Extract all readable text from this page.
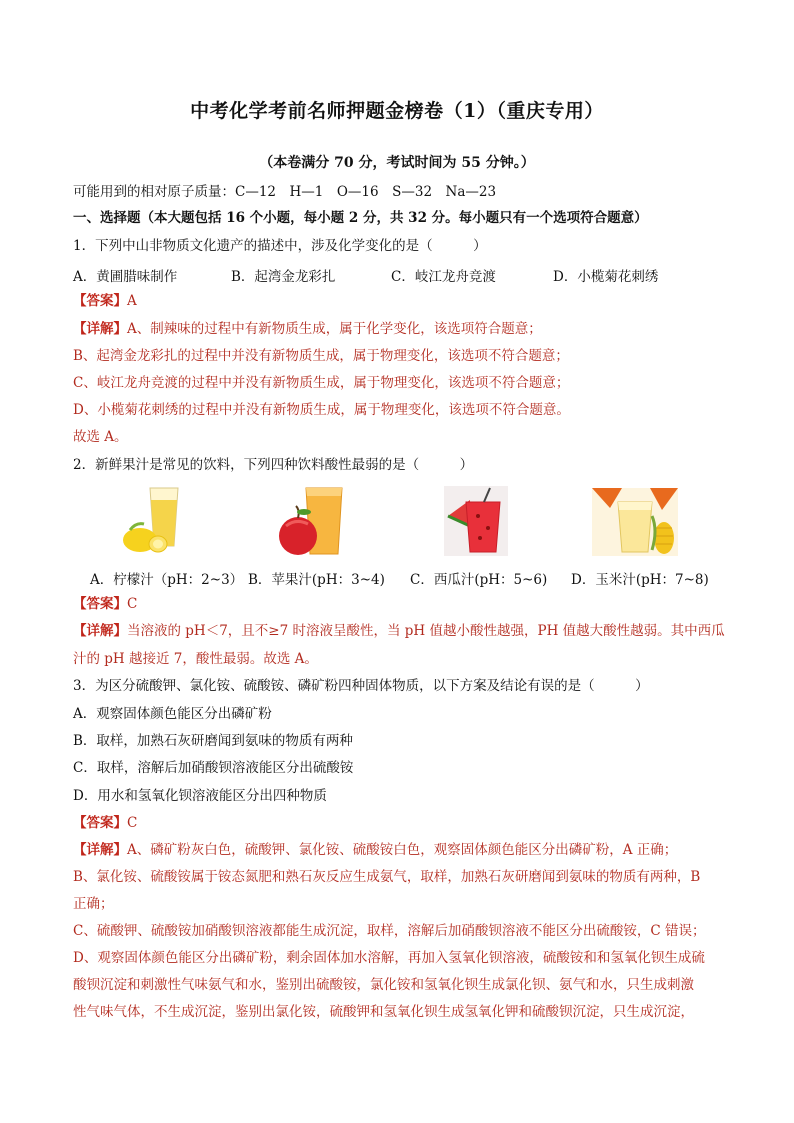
中考化学考前名师押题金榜卷（1）（重庆专用）
（本卷满分 70 分，考试时间为 55 分钟。）
可能用到的相对原子质量：C—12　H—1　O—16　S—32　Na—23
一、选择题（本大题包括 16 个小题，每小题 2 分，共 32 分。每小题只有一个选项符合题意）
1．下列中山非物质文化遗产的描述中，涉及化学变化的是（　　　）
A．黄圃腊味制作	B．起湾金龙彩扎	C．岐江龙舟竞渡	D．小榄菊花刺绣
【答案】A
【详解】A、制辣味的过程中有新物质生成，属于化学变化，该选项符合题意；
B、起湾金龙彩扎的过程中并没有新物质生成，属于物理变化，该选项不符合题意；
C、岐江龙舟竞渡的过程中并没有新物质生成，属于物理变化，该选项不符合题意；
D、小榄菊花刺绣的过程中并没有新物质生成，属于物理变化，该选项不符合题意。
故选 A。
2．新鲜果汁是常见的饮料，下列四种饮料酸性最弱的是（　　　）
A．柠檬汁（pH：2~3） B．苹果汁(pH：3~4) C．西瓜汁(pH：5~6) D．玉米汁(pH：7~8)
【答案】C
【详解】当溶液的 pH＜7，且不≥7 时溶液呈酸性，当 pH 值越小酸性越强，PH 值越大酸性越弱。其中西瓜
汁的 pH 越接近 7，酸性最弱。故选 A。
3．为区分硫酸钾、氯化铵、硫酸铵、磷矿粉四种固体物质，以下方案及结论有误的是（　　　）
A．观察固体颜色能区分出磷矿粉
B．取样，加熟石灰研磨闻到氨味的物质有两种
C．取样，溶解后加硝酸钡溶液能区分出硫酸铵
D．用水和氢氧化钡溶液能区分出四种物质
【答案】C
【详解】A、磷矿粉灰白色，硫酸钾、氯化铵、硫酸铵白色，观察固体颜色能区分出磷矿粉，A 正确；
B、氯化铵、硫酸铵属于铵态氮肥和熟石灰反应生成氨气，取样，加熟石灰研磨闻到氨味的物质有两种，B
正确；
C、硫酸钾、硫酸铵加硝酸钡溶液都能生成沉淀，取样，溶解后加硝酸钡溶液不能区分出硫酸铵，C 错误；
D、观察固体颜色能区分出磷矿粉，剩余固体加水溶解，再加入氢氧化钡溶液，硫酸铵和和氢氧化钡生成硫
酸钡沉淀和刺激性气味氨气和水，鉴别出硫酸铵，氯化铵和氢氧化钡生成氯化钡、氨气和水，只生成刺激
性气味气体，不生成沉淀，鉴别出氯化铵，硫酸钾和氢氧化钡生成氢氧化钾和硫酸钡沉淀，只生成沉淀，
